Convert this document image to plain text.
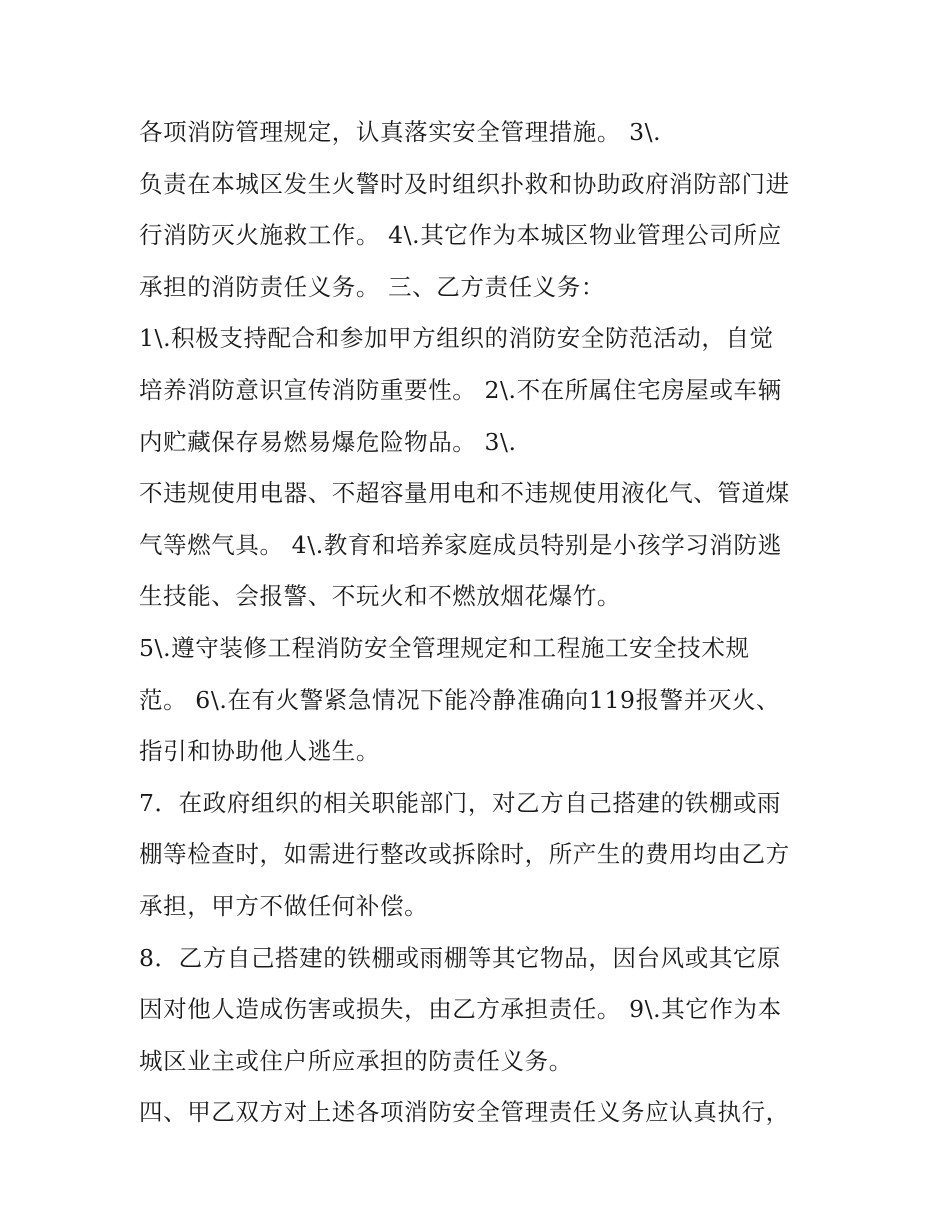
各项消防管理规定，认真落实安全管理措施。 3\.
负责在本城区发生火警时及时组织扑救和协助政府消防部门进
行消防灭火施救工作。 4\.其它作为本城区物业管理公司所应
承担的消防责任义务。 三、乙方责任义务：
1\.积极支持配合和参加甲方组织的消防安全防范活动，自觉
培养消防意识宣传消防重要性。 2\.不在所属住宅房屋或车辆
内贮藏保存易燃易爆危险物品。 3\.
不违规使用电器、不超容量用电和不违规使用液化气、管道煤
气等燃气具。 4\.教育和培养家庭成员特别是小孩学习消防逃
生技能、会报警、不玩火和不燃放烟花爆竹。
5\.遵守装修工程消防安全管理规定和工程施工安全技术规
范。 6\.在有火警紧急情况下能冷静准确向119报警并灭火、
指引和协助他人逃生。
7．在政府组织的相关职能部门，对乙方自己搭建的铁棚或雨
棚等检查时，如需进行整改或拆除时，所产生的费用均由乙方
承担，甲方不做任何补偿。
8．乙方自己搭建的铁棚或雨棚等其它物品，因台风或其它原
因对他人造成伤害或损失，由乙方承担责任。 9\.其它作为本
城区业主或住户所应承担的防责任义务。
四、甲乙双方对上述各项消防安全管理责任义务应认真执行，
